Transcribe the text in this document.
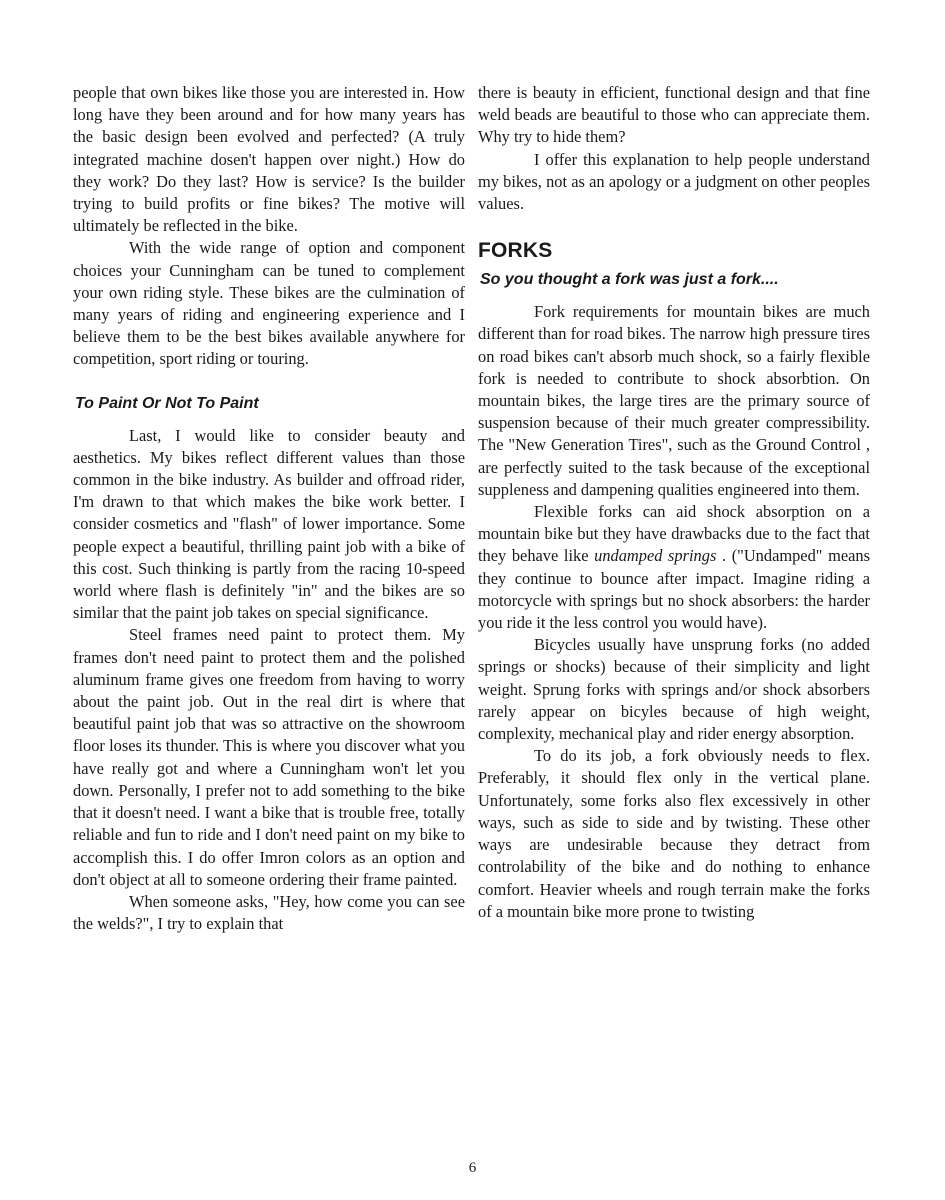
people that own bikes like those you are interested in. How long have they been around and for how many years has the basic design been evolved and perfected? (A truly integrated machine dosen't happen over night.) How do they work? Do they last? How is service? Is the builder trying to build profits or fine bikes? The motive will ultimately be reflected in the bike.

With the wide range of option and component choices your Cunningham can be tuned to complement your own riding style. These bikes are the culmination of many years of riding and engineering experience and I believe them to be the best bikes available anywhere for competition, sport riding or touring.

To Paint Or Not To Paint

Last, I would like to consider beauty and aesthetics. My bikes reflect different values than those common in the bike industry. As builder and offroad rider, I'm drawn to that which makes the bike work better. I consider cosmetics and "flash" of lower importance. Some people expect a beautiful, thrilling paint job with a bike of this cost. Such thinking is partly from the racing 10-speed world where flash is definitely "in" and the bikes are so similar that the paint job takes on special significance.

Steel frames need paint to protect them. My frames don't need paint to protect them and the polished aluminum frame gives one freedom from having to worry about the paint job. Out in the real dirt is where that beautiful paint job that was so attractive on the showroom floor loses its thunder. This is where you discover what you have really got and where a Cunningham won't let you down. Personally, I prefer not to add something to the bike that it doesn't need. I want a bike that is trouble free, totally reliable and fun to ride and I don't need paint on my bike to accomplish this. I do offer Imron colors as an option and don't object at all to someone ordering their frame painted.

When someone asks, "Hey, how come you can see the welds?", I try to explain that

there is beauty in efficient, functional design and that fine weld beads are beautiful to those who can appreciate them. Why try to hide them?

I offer this explanation to help people understand my bikes, not as an apology or a judgment on other peoples values.

FORKS
So you thought a fork was just a fork....

Fork requirements for mountain bikes are much different than for road bikes. The narrow high pressure tires on road bikes can't absorb much shock, so a fairly flexible fork is needed to contribute to shock absorbtion. On mountain bikes, the large tires are the primary source of suspension because of their much greater compressibility. The "New Generation Tires", such as the Ground Control , are perfectly suited to the task because of the exceptional suppleness and dampening qualities engineered into them.

Flexible forks can aid shock absorption on a mountain bike but they have drawbacks due to the fact that they behave like undamped springs . ("Undamped" means they continue to bounce after impact. Imagine riding a motorcycle with springs but no shock absorbers: the harder you ride it the less control you would have).

Bicycles usually have unsprung forks (no added springs or shocks) because of their simplicity and light weight. Sprung forks with springs and/or shock absorbers rarely appear on bicyles because of high weight, complexity, mechanical play and rider energy absorption.

To do its job, a fork obviously needs to flex. Preferably, it should flex only in the vertical plane. Unfortunately, some forks also flex excessively in other ways, such as side to side and by twisting. These other ways are undesirable because they detract from controlability of the bike and do nothing to enhance comfort. Heavier wheels and rough terrain make the forks of a mountain bike more prone to twisting

6
